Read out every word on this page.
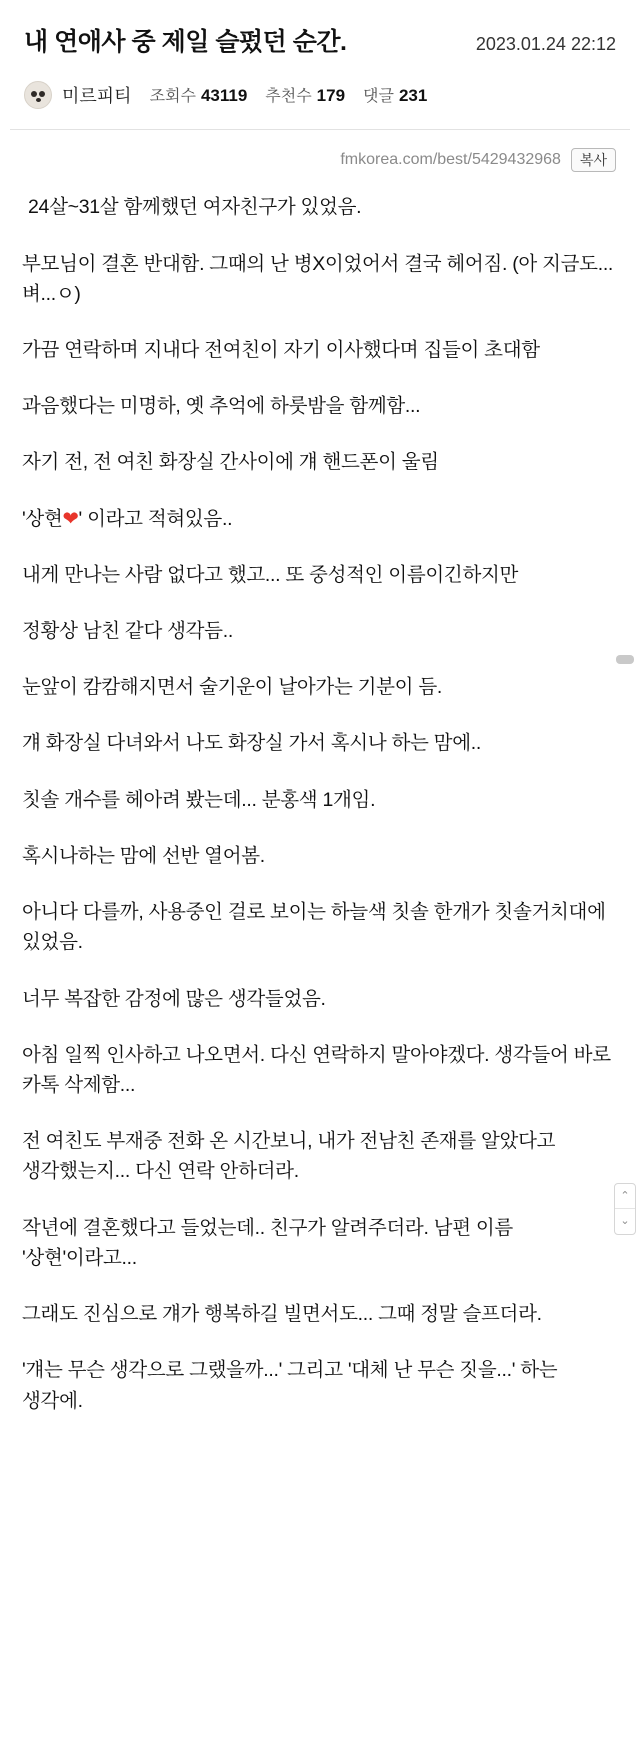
내 연애사 중 제일 슬펐던 순간.	2023.01.24 22:12
미르피티 조회수 43119 추천수 179 댓글 231
fmkorea.com/best/5429432968	복사
24살~31살 함께했던 여자친구가 있었음.
부모님이 결혼 반대함. 그때의 난 병X이었어서 결국 헤어짐. (아 지금도...벼...ㅇ)
가끔 연락하며 지내다 전여친이 자기 이사했다며 집들이 초대함
과음했다는 미명하, 옛 추억에 하룻밤을 함께함...
자기 전, 전 여친 화장실 간사이에 걔 핸드폰이 울림
'상현❤' 이라고 적혀있음..
내게 만나는 사람 없다고 했고... 또 중성적인 이름이긴하지만
정황상 남친 같다 생각듬..
눈앞이 캄캄해지면서 술기운이 날아가는 기분이 듬.
걔 화장실 다녀와서 나도 화장실 가서 혹시나 하는 맘에..
칫솔 개수를 헤아려 봤는데... 분홍색 1개임.
혹시나하는 맘에 선반 열어봄.
아니다 다를까, 사용중인 걸로 보이는 하늘색 칫솔 한개가 칫솔거치대에 있었음.
너무 복잡한 감정에 많은 생각들었음.
아침 일찍 인사하고 나오면서. 다신 연락하지 말아야겠다. 생각들어 바로 카톡 삭제함...
전 여친도 부재중 전화 온 시간보니, 내가 전남친 존재를 알았다고 생각했는지... 다신 연락 안하더라.
작년에 결혼했다고 들었는데.. 친구가 알려주더라. 남편 이름 '상현'이라고...
그래도 진심으로 걔가 행복하길 빌면서도... 그때 정말 슬프더라.
'걔는 무슨 생각으로 그랬을까...' 그리고 '대체 난 무슨 짓을...' 하는 생각에.
⌃
⌄
